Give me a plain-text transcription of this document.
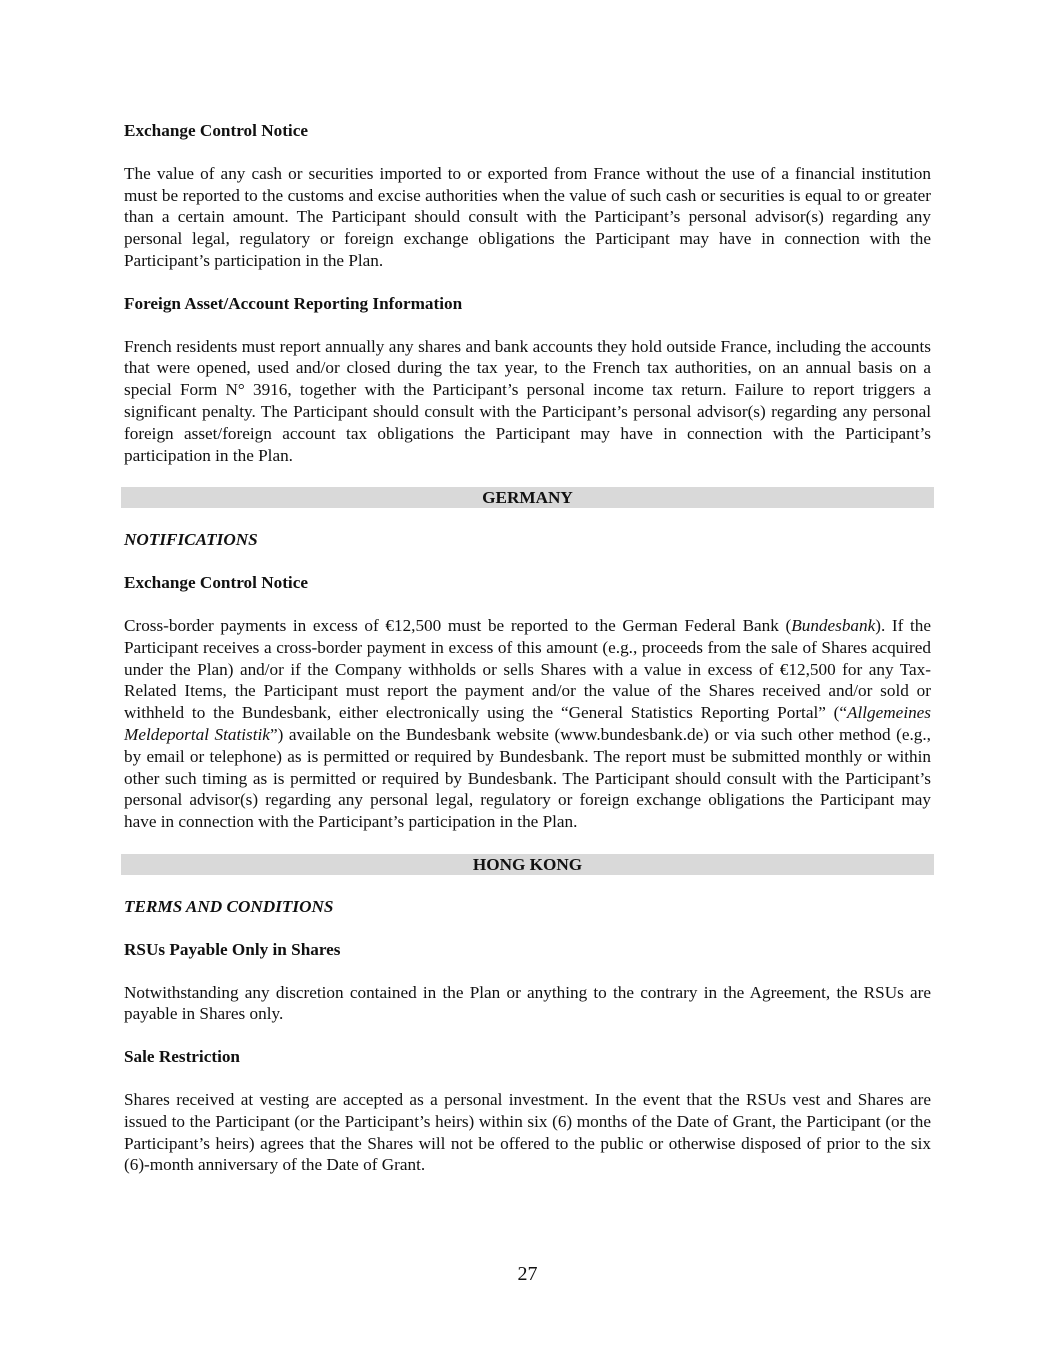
Exchange Control Notice
The value of any cash or securities imported to or exported from France without the use of a financial institution must be reported to the customs and excise authorities when the value of such cash or securities is equal to or greater than a certain amount. The Participant should consult with the Participant’s personal advisor(s) regarding any personal legal, regulatory or foreign exchange obligations the Participant may have in connection with the Participant’s participation in the Plan.
Foreign Asset/Account Reporting Information
French residents must report annually any shares and bank accounts they hold outside France, including the accounts that were opened, used and/or closed during the tax year, to the French tax authorities, on an annual basis on a special Form N° 3916, together with the Participant’s personal income tax return. Failure to report triggers a significant penalty. The Participant should consult with the Participant’s personal advisor(s) regarding any personal foreign asset/foreign account tax obligations the Participant may have in connection with the Participant’s participation in the Plan.
GERMANY
NOTIFICATIONS
Exchange Control Notice
Cross-border payments in excess of €12,500 must be reported to the German Federal Bank (Bundesbank). If the Participant receives a cross-border payment in excess of this amount (e.g., proceeds from the sale of Shares acquired under the Plan) and/or if the Company withholds or sells Shares with a value in excess of €12,500 for any Tax-Related Items, the Participant must report the payment and/or the value of the Shares received and/or sold or withheld to the Bundesbank, either electronically using the “General Statistics Reporting Portal” (“Allgemeines Meldeportal Statistik”) available on the Bundesbank website (www.bundesbank.de) or via such other method (e.g., by email or telephone) as is permitted or required by Bundesbank. The report must be submitted monthly or within other such timing as is permitted or required by Bundesbank. The Participant should consult with the Participant’s personal advisor(s) regarding any personal legal, regulatory or foreign exchange obligations the Participant may have in connection with the Participant’s participation in the Plan.
HONG KONG
TERMS AND CONDITIONS
RSUs Payable Only in Shares
Notwithstanding any discretion contained in the Plan or anything to the contrary in the Agreement, the RSUs are payable in Shares only.
Sale Restriction
Shares received at vesting are accepted as a personal investment. In the event that the RSUs vest and Shares are issued to the Participant (or the Participant’s heirs) within six (6) months of the Date of Grant, the Participant (or the Participant’s heirs) agrees that the Shares will not be offered to the public or otherwise disposed of prior to the six (6)-month anniversary of the Date of Grant.
27
